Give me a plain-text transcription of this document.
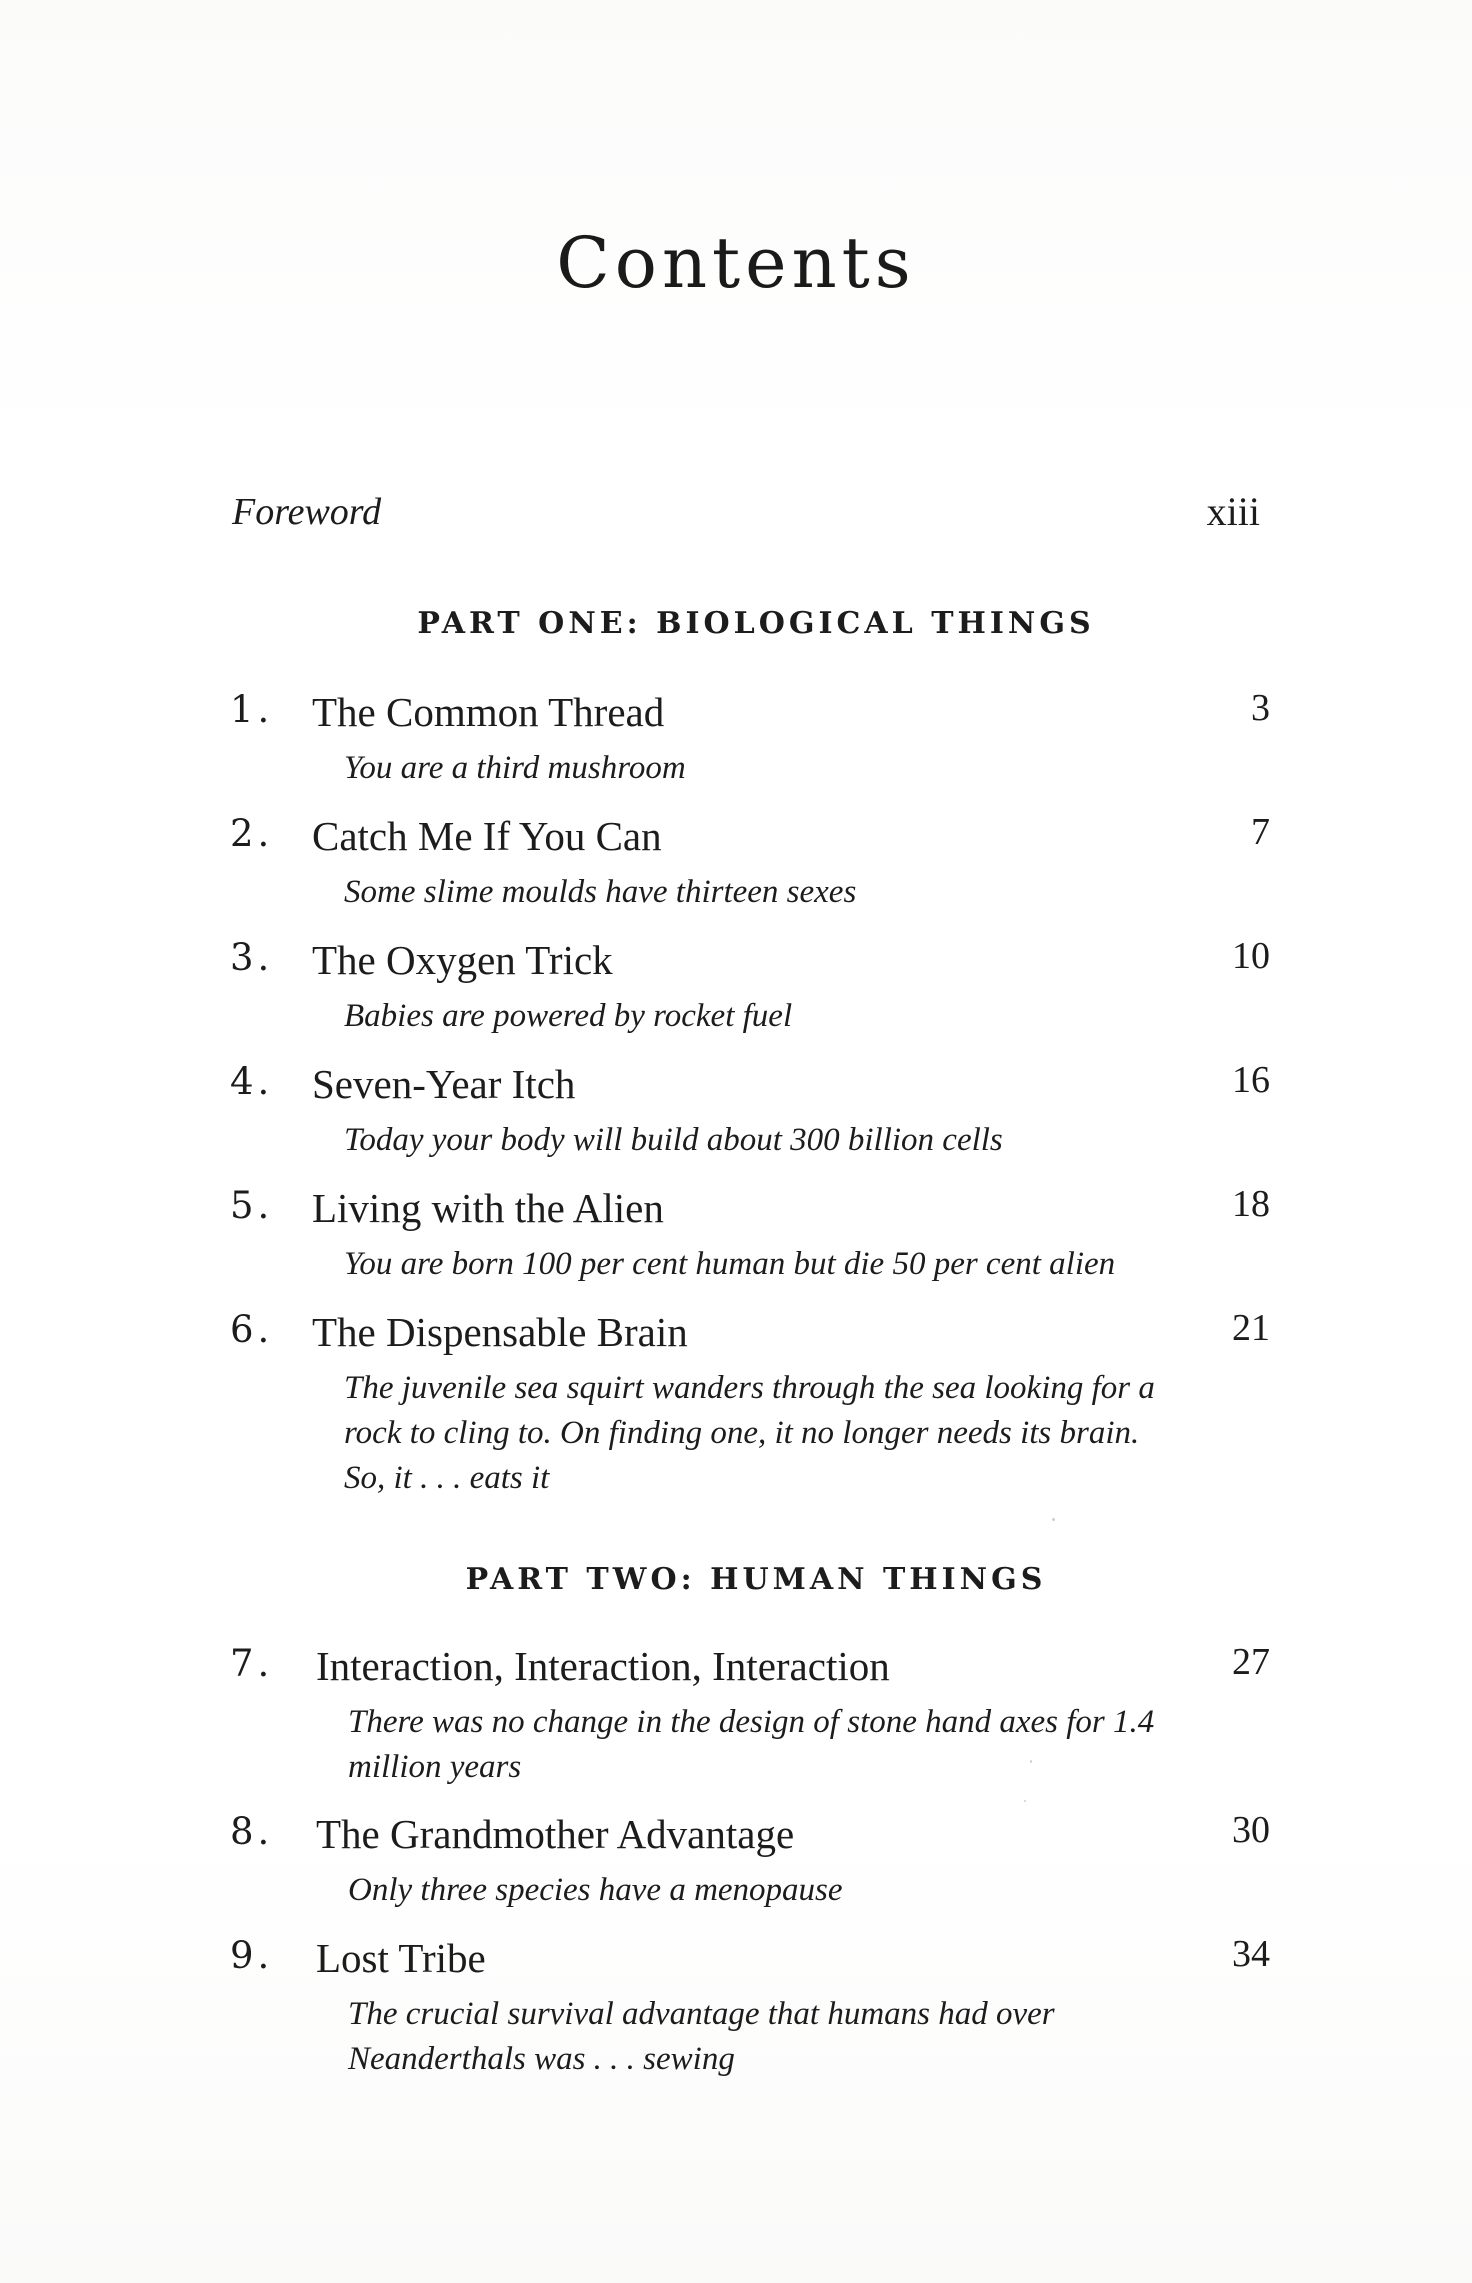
Contents
Foreword	xiii
PART ONE: BIOLOGICAL THINGS
1. The Common Thread	3
You are a third mushroom
2. Catch Me If You Can	7
Some slime moulds have thirteen sexes
3. The Oxygen Trick	10
Babies are powered by rocket fuel
4. Seven-Year Itch	16
Today your body will build about 300 billion cells
5. Living with the Alien	18
You are born 100 per cent human but die 50 per cent alien
6. The Dispensable Brain	21
The juvenile sea squirt wanders through the sea looking for a rock to cling to. On finding one, it no longer needs its brain. So, it . . . eats it
PART TWO: HUMAN THINGS
7. Interaction, Interaction, Interaction	27
There was no change in the design of stone hand axes for 1.4 million years
8. The Grandmother Advantage	30
Only three species have a menopause
9. Lost Tribe	34
The crucial survival advantage that humans had over Neanderthals was . . . sewing
